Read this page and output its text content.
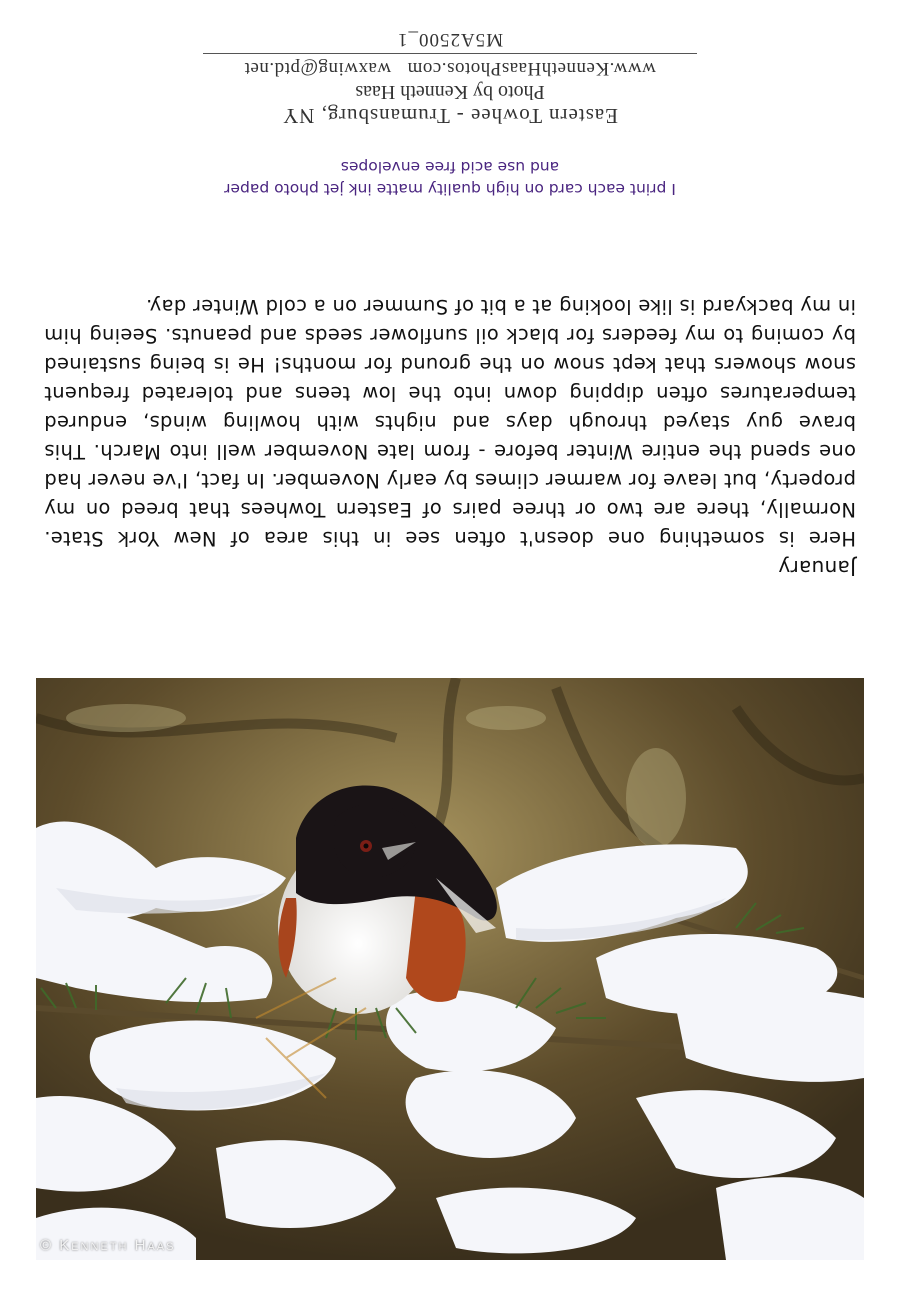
January
Here is something one doesn't often see in this area of New York State. Normally, there are two or three pairs of Eastern Towhees that breed on my property, but leave for warmer climes by early November. In fact, I've never had one spend the entire Winter before - from late November well into March. This brave guy stayed through days and nights with howling winds, endured temperatures often dipping down into the low teens and tolerated frequent snow showers that kept snow on the ground for months! He is being sustained by coming to my feeders for black oil sunflower seeds and peanuts. Seeing him in my backyard is like looking at a bit of Summer on a cold Winter day.
I print each card on high quality matte ink jet photo paper
and use acid free envelopes
Eastern Towhee - Trumansburg, NY
Photo by Kenneth Haas
www.KennethHaasPhotos.comwaxwing@ptd.net
M5A2500_1
© Kenneth Haas
